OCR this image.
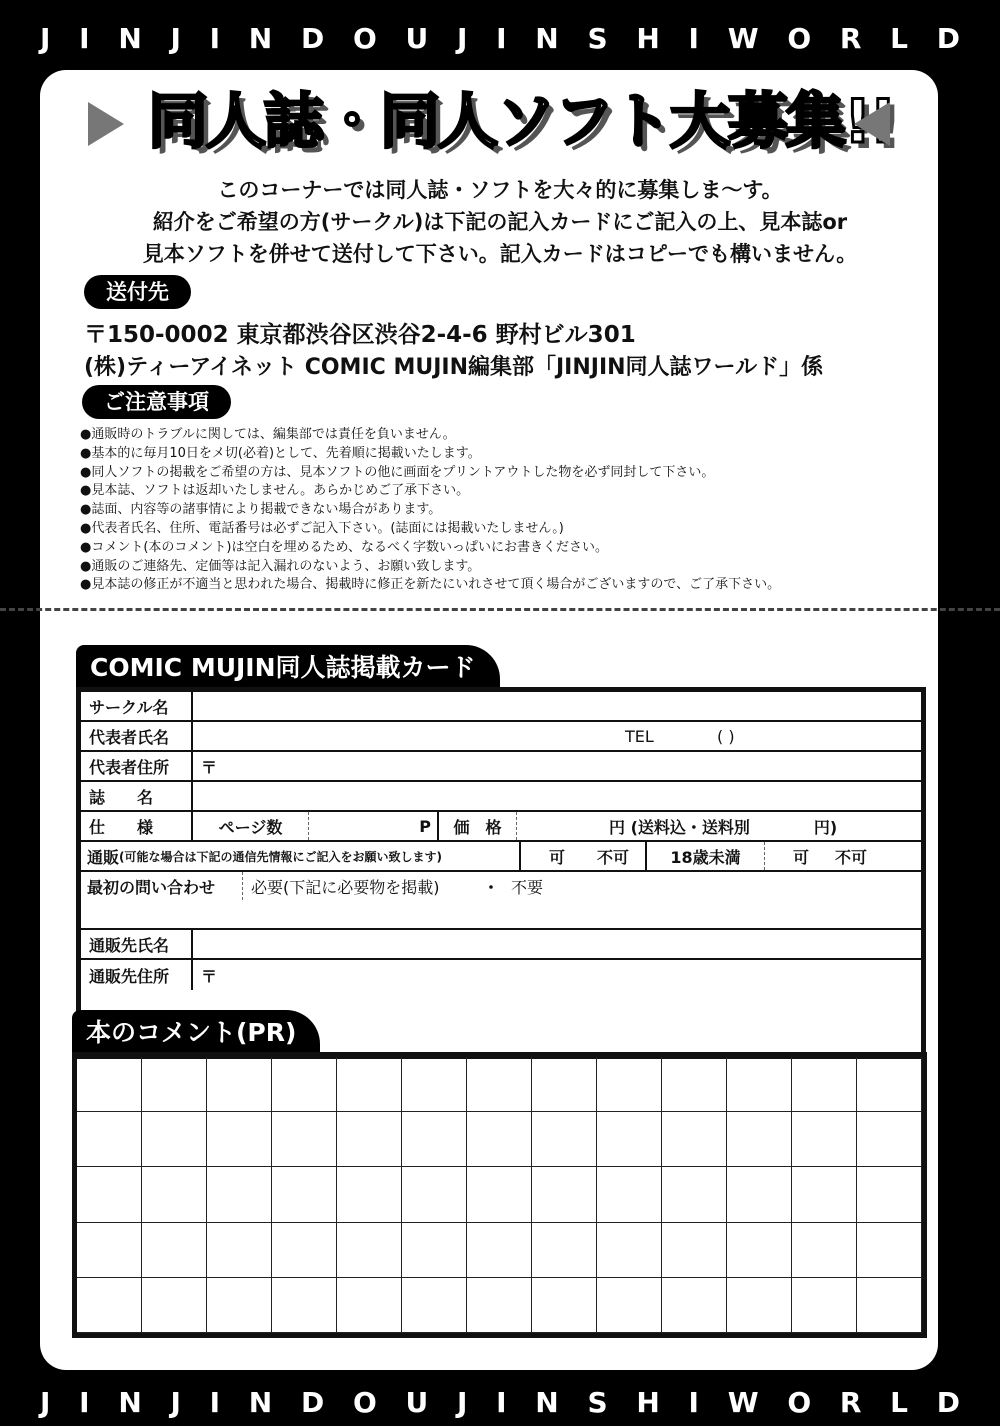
J I N J I N D O U J I N S H I W O R L D
J I N J I N D O U J I N S H I W O R L D
同人誌・同人ソフト大募集!!
このコーナーでは同人誌・ソフトを大々的に募集しま〜す。
紹介をご希望の方(サークル)は下記の記入カードにご記入の上、見本誌or
見本ソフトを併せて送付して下さい。記入カードはコピーでも構いません。
送付先
〒150-0002 東京都渋谷区渋谷2-4-6 野村ビル301
(株)ティーアイネット COMIC MUJIN編集部「JINJIN同人誌ワールド」係
ご注意事項
● 通販時のトラブルに関しては、編集部では責任を負いません。
● 基本的に毎月10日をメ切(必着)として、先着順に掲載いたします。
● 同人ソフトの掲載をご希望の方は、見本ソフトの他に画面をプリントアウトした物を必ず同封して下さい。
● 見本誌、ソフトは返却いたしません。あらかじめご了承下さい。
● 誌面、内容等の諸事情により掲載できない場合があります。
● 代表者氏名、住所、電話番号は必ずご記入下さい。(誌面には掲載いたしません。)
● コメント(本のコメント)は空白を埋めるため、なるべく字数いっぱいにお書きください。
● 通販のご連絡先、定価等は記入漏れのないよう、お願い致します。
● 見本誌の修正が不適当と思われた場合、掲載時に修正を新たにいれさせて頂く場合がございますので、ご了承下さい。
COMIC MUJIN同人誌掲載カード
サークル名
代表者氏名	TEL	( )
代表者住所	〒
誌　　名
仕　　様	ページ数	P	価　格	円 (送料込・送料別　　　　円)
通販 (可能な場合は下記の通信先情報にご記入をお願い致します)	可 不可	18歳未満	可 不可
最初の問い合わせ	必要(下記に必要物を掲載)	・ 不要
通販先氏名
通販先住所	〒
本のコメント(PR)
